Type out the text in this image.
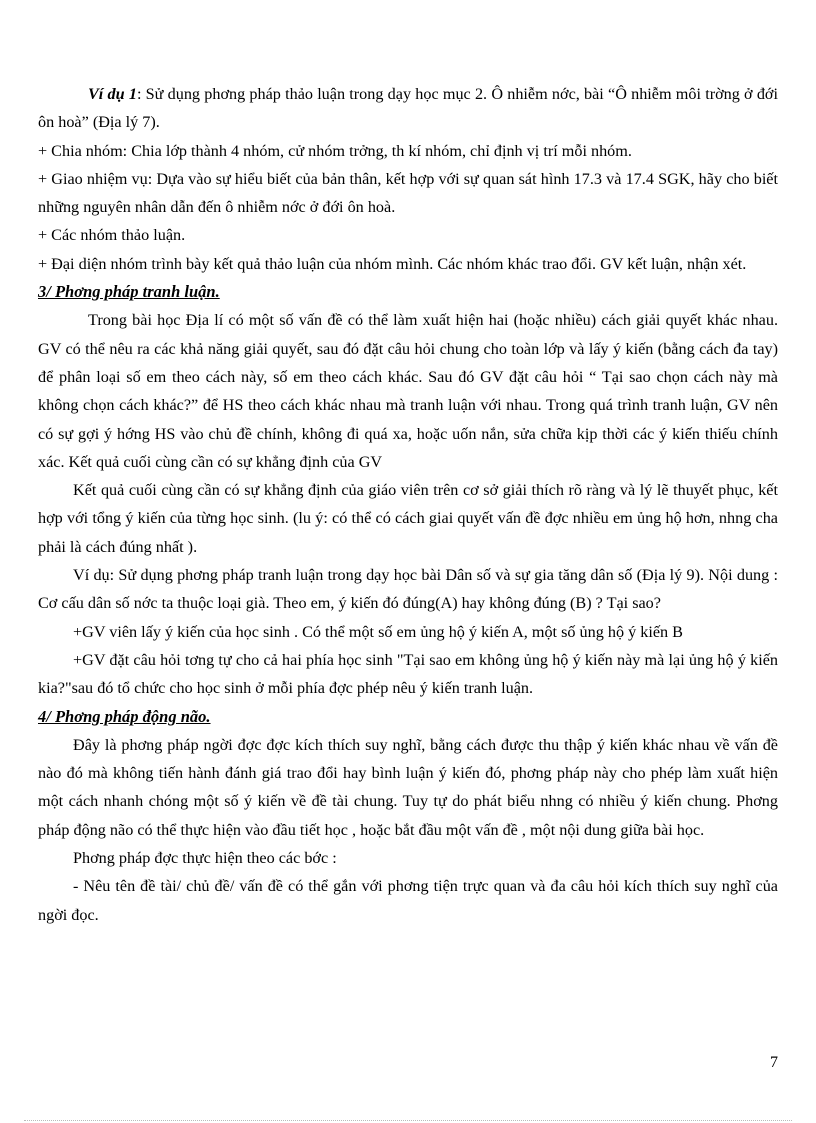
Ví dụ 1: Sử dụng phơng pháp thảo luận trong dạy học mục 2. Ô nhiễm nớc, bài “Ô nhiễm môi trờng ở đới ôn hoà” (Địa lý 7).

+ Chia nhóm: Chia lớp thành 4 nhóm, cử nhóm trởng, th kí nhóm, chỉ định vị trí mỗi nhóm.

+ Giao nhiệm vụ: Dựa vào sự hiểu biết của bản thân, kết hợp với sự quan sát hình 17.3 và 17.4 SGK, hãy cho biết những nguyên nhân dẫn đến ô nhiễm nớc ở đới ôn hoà.

+ Các nhóm thảo luận.

+ Đại diện nhóm trình bày kết quả thảo luận của nhóm mình. Các nhóm khác trao đổi. GV kết luận, nhận xét.

3/ Phơng pháp tranh luận.

Trong bài học Địa lí có một số vấn đề có thể làm xuất hiện hai (hoặc nhiều) cách giải quyết khác nhau. GV có thể nêu ra các khả năng giải quyết, sau đó đặt câu hỏi chung cho toàn lớp và lấy ý kiến (bằng cách đa tay) để phân loại số em theo cách này, số em theo cách khác. Sau đó GV đặt câu hỏi “ Tại sao chọn cách này mà không chọn cách khác?” để HS theo cách khác nhau mà tranh luận với nhau. Trong quá trình tranh luận, GV nên có sự gợi ý hớng HS vào chủ đề chính, không đi quá xa, hoặc uốn nắn, sửa chữa kịp thời các ý kiến thiếu chính xác. Kết quả cuối cùng cần có sự khẳng định của GV

Kết quả cuối cùng cần có sự khẳng định của giáo viên trên cơ sở giải thích rõ ràng và lý lẽ thuyết phục, kết hợp với tổng ý kiến của từng học sinh. (lu ý: có thể có cách giai quyết vấn đề đợc nhiều em ủng hộ hơn, nhng cha phải là cách đúng nhất ).

Ví dụ: Sử dụng phơng pháp tranh luận trong dạy học bài Dân số và sự gia tăng dân số (Địa lý 9). Nội dung : Cơ cấu dân số nớc ta thuộc loại già. Theo em, ý kiến đó đúng(A) hay không đúng (B) ? Tại sao?

+GV viên lấy ý kiến của học sinh . Có thể một số em ủng hộ ý kiến A, một số ủng hộ ý kiến B

+GV đặt câu hỏi tơng tự cho cả hai phía học sinh "Tại sao em không ủng hộ ý kiến này mà lại ủng hộ ý kiến kia?"sau đó tổ chức cho học sinh ở mỗi phía đợc phép nêu ý kiến tranh luận.

4/ Phơng pháp động não.

Đây là phơng pháp ngời đợc đợc kích thích suy nghĩ, bằng cách được thu thập ý kiến khác nhau về vấn đề nào đó mà không tiến hành đánh giá trao đổi hay bình luận ý kiến đó, phơng pháp này cho phép làm xuất hiện một cách nhanh chóng một số ý kiến về đề tài chung. Tuy tự do phát biểu nhng có nhiều ý kiến chung. Phơng pháp động não có thể thực hiện vào đầu tiết học , hoặc bắt đầu một vấn đề , một nội dung giữa bài học.

Phơng pháp đợc thực hiện theo các bớc :

- Nêu tên đề tài/ chủ đề/ vấn đề có thể gắn với phơng tiện trực quan và đa câu hỏi kích thích suy nghĩ của ngời đọc.

7
